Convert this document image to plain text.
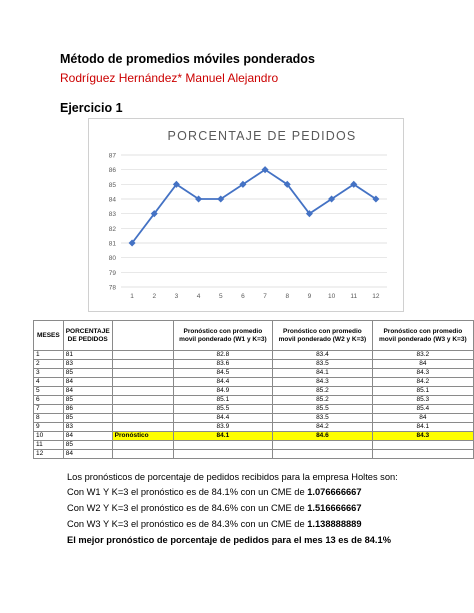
Método de promedios móviles ponderados
Rodríguez Hernández* Manuel Alejandro
Ejercicio 1
PORCENTAJE DE PEDIDOS
78
79
80
81
82
83
84
85
86
87
1	2	3	4	5	6	7	8	9	10 11 12
MESES	PORCENTAJE DE PEDIDOS		Pronóstico con promedio movil ponderado (W1 y K=3)	Pronóstico con promedio movil ponderado (W2 y K=3)	Pronóstico con promedio movil ponderado (W3 y K=3)
1	81		82.8	83.4	83.2
2	83		83.6	83.5	84
3	85		84.5	84.1	84.3
4	84		84.4	84.3	84.2
5	84		84.9	85.2	85.1
6	85		85.1	85.2	85.3
7	86		85.5	85.5	85.4
8	85		84.4	83.5	84
9	83		83.9	84.2	84.1
10	84	Pronóstico	84.1	84.6	84.3
11	85				
12	84				
Los pronósticos de porcentaje de pedidos recibidos para la empresa Holtes son:
Con W1 Y K=3 el pronóstico es de 84.1% con un CME de 1.076666667
Con W2 Y K=3 el pronóstico es de 84.6% con un CME de 1.516666667
Con W3 Y K=3 el pronóstico es de 84.3% con un CME de 1.138888889
El mejor pronóstico de porcentaje de pedidos para el mes 13 es de 84.1%
